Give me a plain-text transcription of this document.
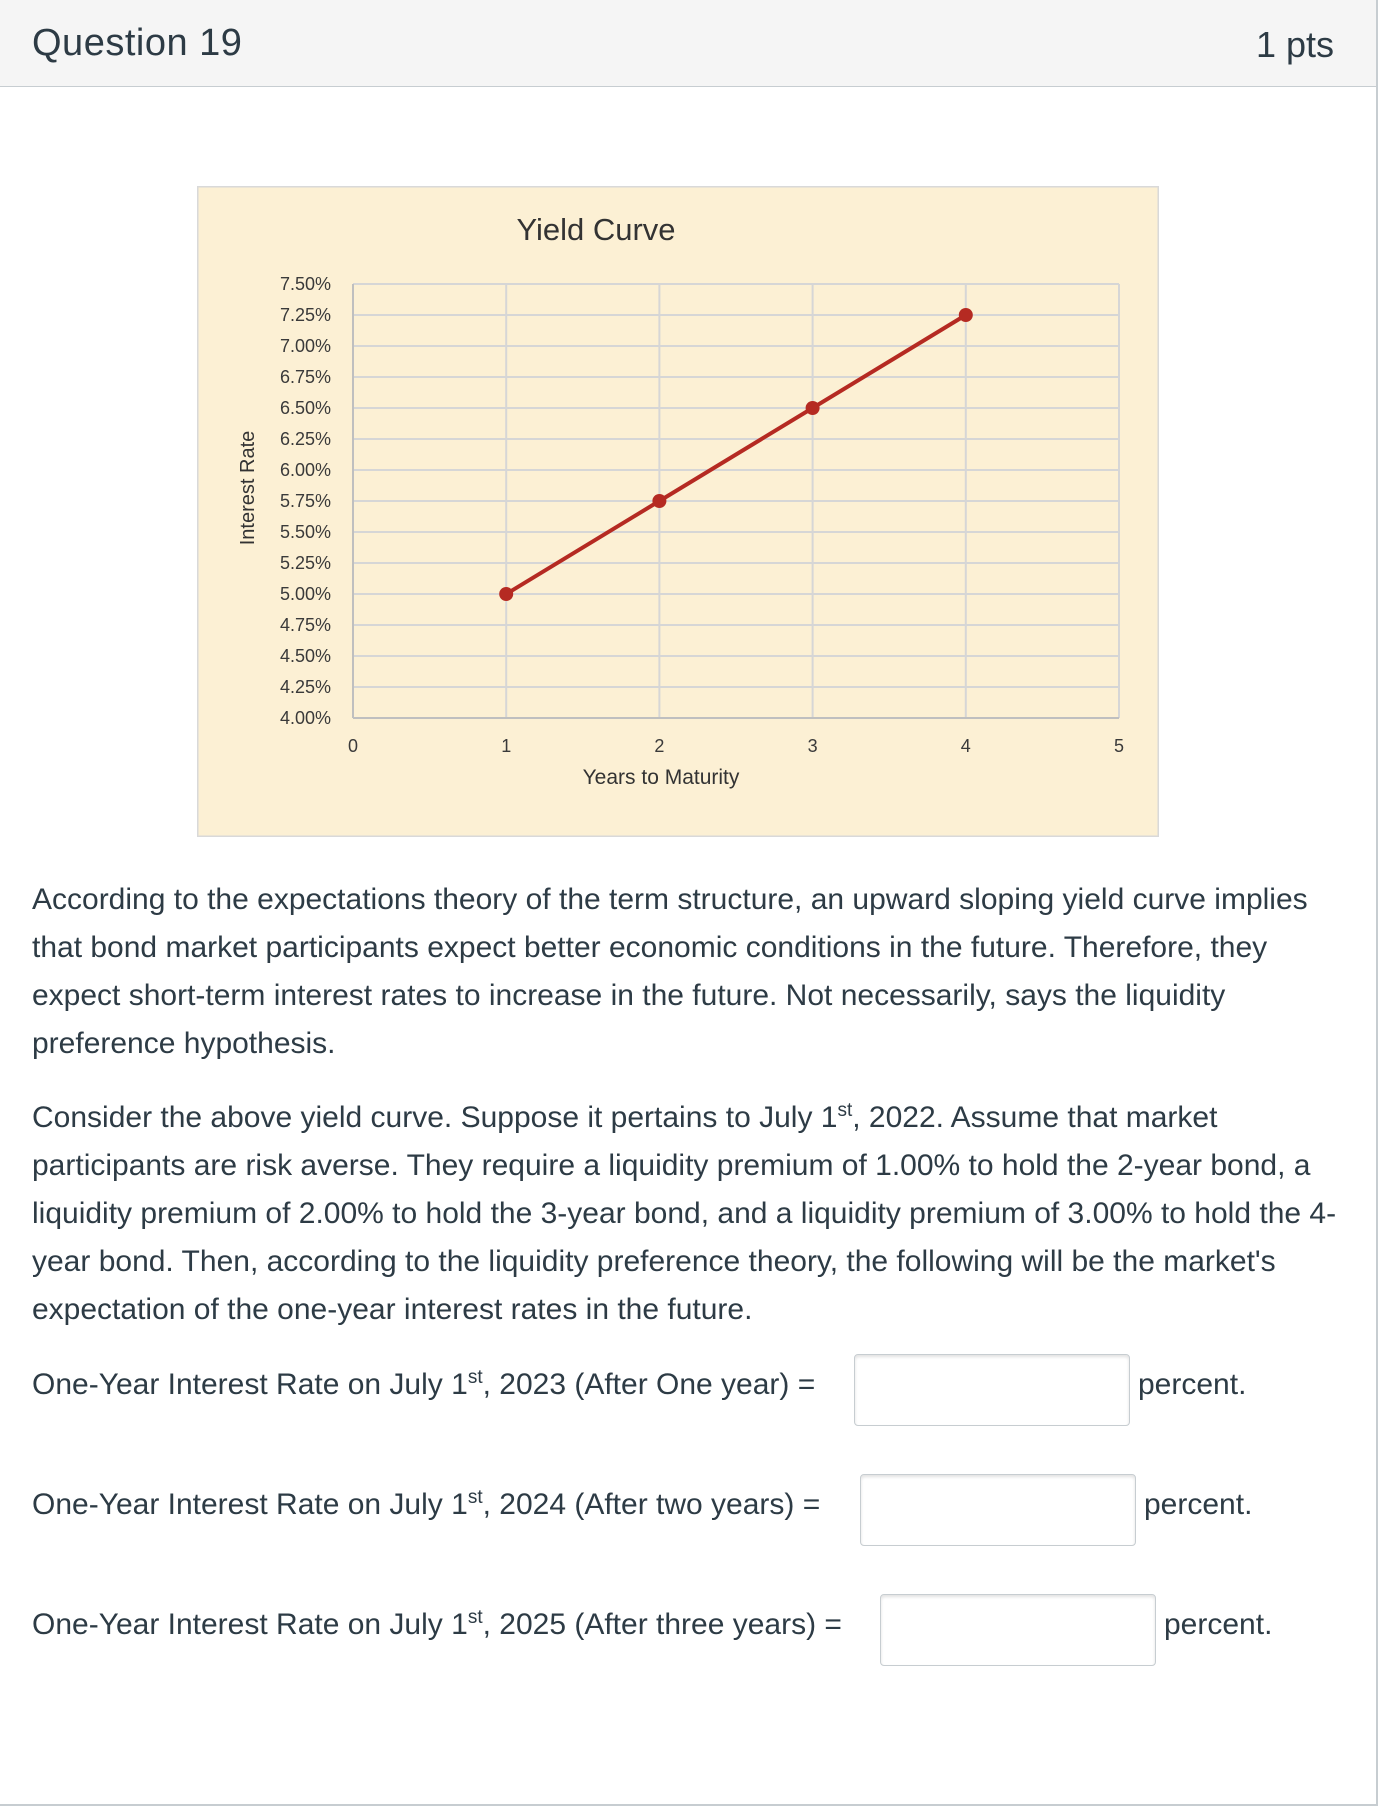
Question 19	1 pts
7.50%
7.25%
7.00%
6.75%
6.50%
6.25%
6.00%
5.75%
5.50%
5.25%
5.00%
4.75%
4.50%
4.25%
4.00%
0	1	2	3	4	5
Yield Curve
Years to Maturity
Interest Rate
According to the expectations theory of the term structure, an upward sloping yield curve implies that bond market participants expect better economic conditions in the future. Therefore, they expect short-term interest rates to increase in the future. Not necessarily, says the liquidity preference hypothesis.
Consider the above yield curve. Suppose it pertains to July 1st, 2022. Assume that market participants are risk averse. They require a liquidity premium of 1.00% to hold the 2-year bond, a liquidity premium of 2.00% to hold the 3-year bond, and a liquidity premium of 3.00% to hold the 4-year bond. Then, according to the liquidity preference theory, the following will be the market's expectation of the one-year interest rates in the future.
One-Year Interest Rate on July 1st, 2023 (After One year) =	percent.
One-Year Interest Rate on July 1st, 2024 (After two years) =	percent.
One-Year Interest Rate on July 1st, 2025 (After three years) =	percent.
